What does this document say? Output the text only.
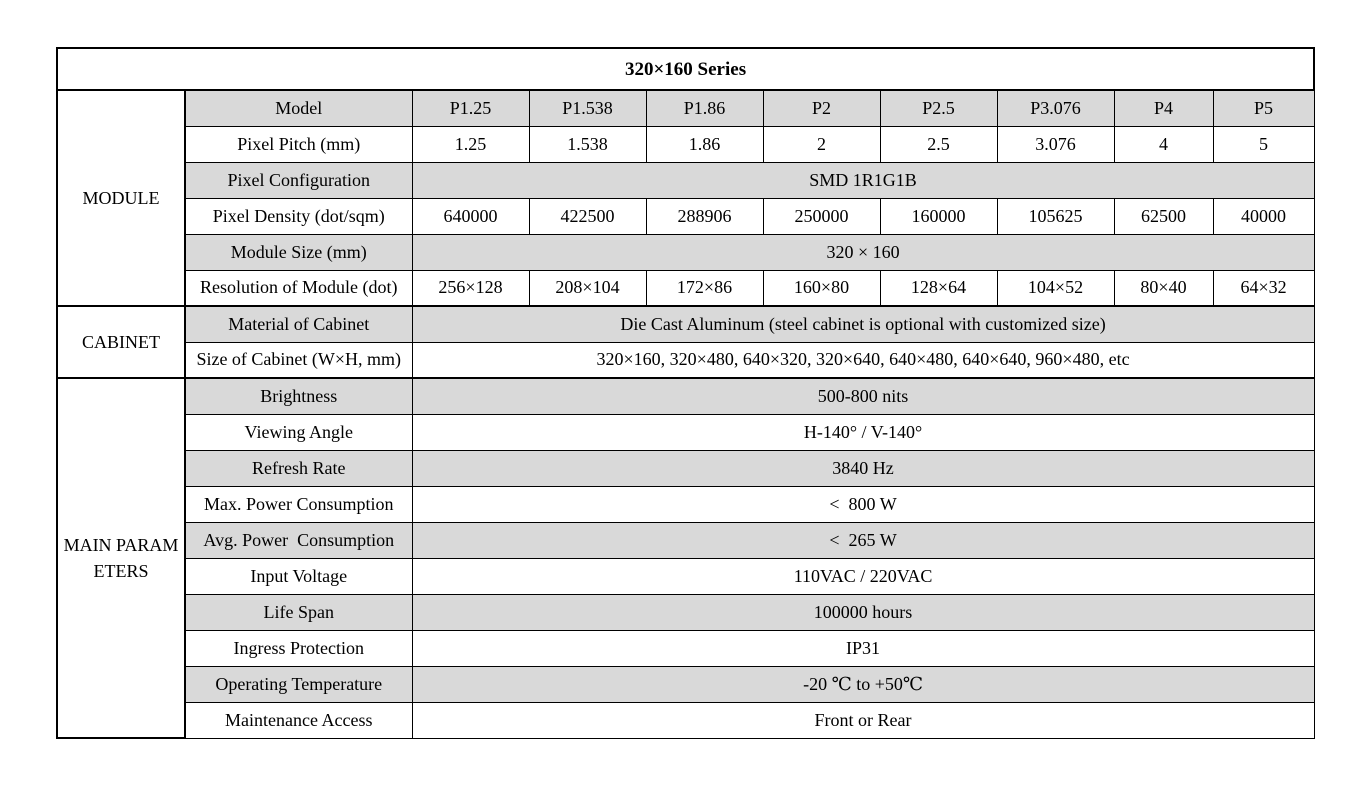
320×160 Series									
MODULE	Model	P1.25	P1.538	P1.86	P2	P2.5	P3.076	P4	P5
	Pixel Pitch (mm)	1.25	1.538	1.86	2	2.5	3.076	4	5
	Pixel Configuration	SMD 1R1G1B							
	Pixel Density (dot/sqm)	640000	422500	288906	250000	160000	105625	62500	40000
	Module Size (mm)	320 × 160							
	Resolution of Module (dot)	256×128	208×104	172×86	160×80	128×64	104×52	80×40	64×32
CABINET	Material of Cabinet	Die Cast Aluminum (steel cabinet is optional with customized size)							
	Size of Cabinet (W×H, mm)	320×160, 320×480, 640×320, 320×640, 640×480, 640×640, 960×480, etc							
MAIN PARAMETERS	Brightness	500-800 nits							
	Viewing Angle	H-140° / V-140°							
	Refresh Rate	3840 Hz							
	Max. Power Consumption	<  800 W							
	Avg. Power  Consumption	<  265 W							
	Input Voltage	110VAC / 220VAC							
	Life Span	100000 hours							
	Ingress Protection	IP31							
	Operating Temperature	-20 ℃ to +50℃							
	Maintenance Access	Front or Rear							
